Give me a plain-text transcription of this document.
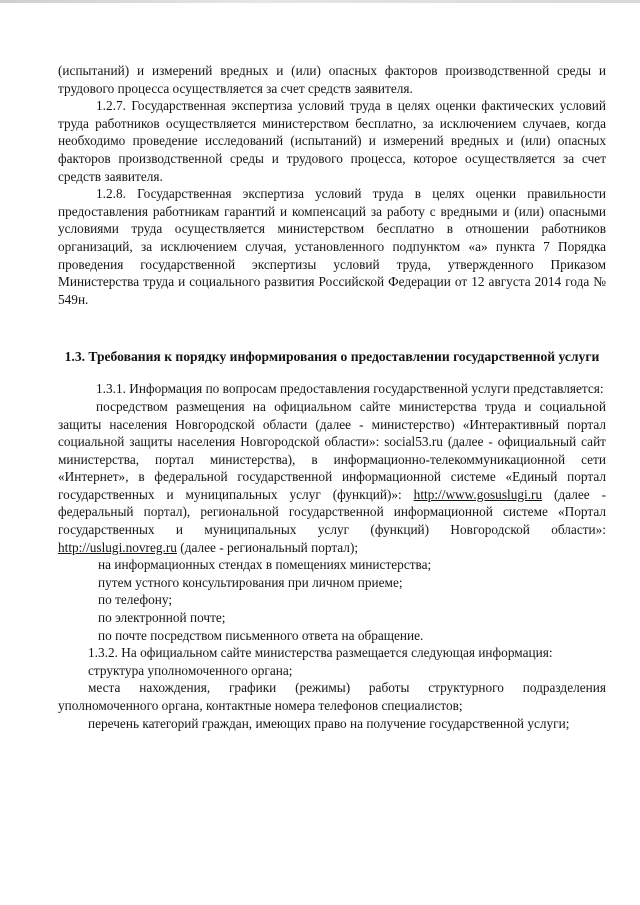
(испытаний) и измерений вредных и (или) опасных факторов производственной среды и трудового процесса осуществляется за счет средств заявителя.

1.2.7. Государственная экспертиза условий труда в целях оценки фактических условий труда работников осуществляется министерством бесплатно, за исключением случаев, когда необходимо проведение исследований (испытаний) и измерений вредных и (или) опасных факторов производственной среды и трудового процесса, которое осуществляется за счет средств заявителя.

1.2.8. Государственная экспертиза условий труда в целях оценки правильности предоставления работникам гарантий и компенсаций за работу с вредными и (или) опасными условиями труда осуществляется министерством бесплатно в отношении работников организаций, за исключением случая, установленного подпунктом «а» пункта 7 Порядка проведения государственной экспертизы условий труда, утвержденного Приказом Министерства труда и социального развития Российской Федерации от 12 августа 2014 года № 549н.

1.3. Требования к порядку информирования о предоставлении государственной услуги

1.3.1. Информация по вопросам предоставления государственной услуги представляется:

посредством размещения на официальном сайте министерства труда и социальной защиты населения Новгородской области (далее - министерство) «Интерактивный портал социальной защиты населения Новгородской области»: social53.ru (далее - официальный сайт министерства, портал министерства), в информационно-телекоммуникационной сети «Интернет», в федеральной государственной информационной системе «Единый портал государственных и муниципальных услуг (функций)»: http://www.gosuslugi.ru (далее - федеральный портал), региональной государственной информационной системе «Портал государственных и муниципальных услуг (функций) Новгородской области»: http://uslugi.novreg.ru (далее - региональный портал);

на информационных стендах в помещениях министерства;

путем устного консультирования при личном приеме;

по телефону;

по электронной почте;

по почте посредством письменного ответа на обращение.

1.3.2. На официальном сайте министерства размещается следующая информация:

структура уполномоченного органа;

места нахождения, графики (режимы) работы структурного подразделения уполномоченного органа, контактные номера телефонов специалистов;

перечень категорий граждан, имеющих право на получение государственной услуги;
